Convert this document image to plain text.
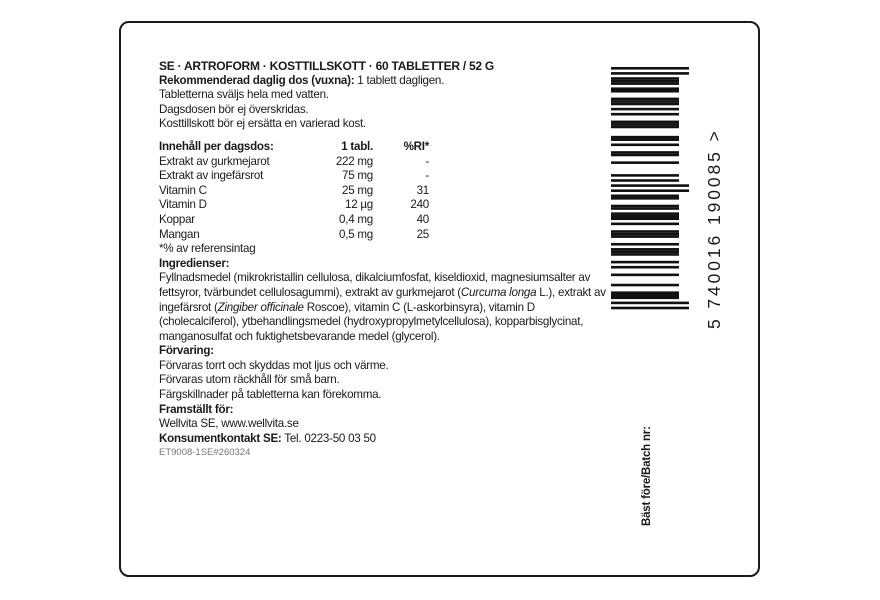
SE · ARTROFORM · KOSTTILLSKOTT · 60 TABLETTER / 52 G

Rekommenderad daglig dos (vuxna): 1 tablett dagligen.

Tabletterna sväljs hela med vatten.

Dagsdosen bör ej överskridas.

Kosttillskott bör ej ersätta en varierad kost.

Innehåll per dagsdos:	1 tabl.	%RI*
Extrakt av gurkmejarot	222 mg	-
Extrakt av ingefärsrot	75 mg	-
Vitamin C	25 mg	31
Vitamin D	12 µg	240
Koppar	0,4 mg	40
Mangan	0,5 mg	25

*% av referensintag

Ingredienser:

Fyllnadsmedel (mikrokristallin cellulosa, dikalciumfosfat, kiseldioxid, magnesiumsalter av fettsyror, tvärbundet cellulosagummi), extrakt av gurkmejarot (Curcuma longa L.), extrakt av ingefärsrot (Zingiber officinale Roscoe), vitamin C (L-askorbinsyra), vitamin D (cholecalciferol), ytbehandlingsmedel (hydroxypropylmetylcellulosa), kopparbisglycinat, manganosulfat och fuktighetsbevarande medel (glycerol).

Förvaring:

Förvaras torrt och skyddas mot ljus och värme.

Förvaras utom räckhåll för små barn.

Färgskillnader på tabletterna kan förekomma.

Framställt för:

Wellvita SE, www.wellvita.se

Konsumentkontakt SE: Tel. 0223-50 03 50

ET9008-1SE#260324

5 740016 190085 >
Bäst före/Batch nr:
